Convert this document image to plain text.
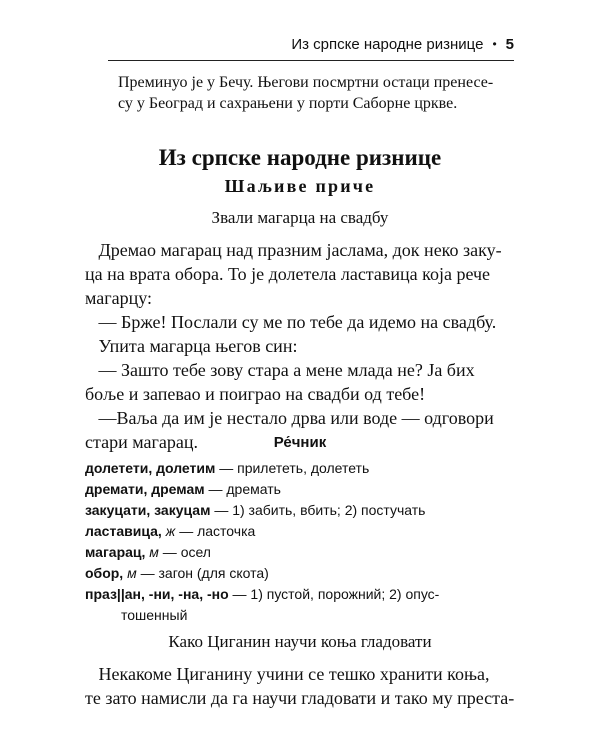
Из српске народне ризнице • 5
Преминуо је у Бечу. Његови посмртни остаци пренесе-
су у Београд и сахрањени у порти Саборне цркве.
Из српске народне ризнице
Шаљиве приче
Звали магарца на свадбу
Дремао магарац над празним јаслама, док неко заку-
ца на врата обора. То је долетела ластавица која рече
магарцу:
— Брже! Послали су ме по тебе да идемо на свадбу.
Упита магарца његов син:
— Зашто тебе зову стара а мене млада не? Ја бих
боље и запевао и поиграо на свадби од тебе!
—Ваља да им је нестало дрва или воде — одговори
стари магарац.	Ре́чник
долетети, долетим — прилететь, долететь
дремати, дремам — дремать
закуцати, закуцам — 1) забить, вбить; 2) постучать
ластавица, ж — ласточка
магарац, м — осел
обор, м — загон (для скота)
праз||ан, -ни, -на, -но — 1) пустой, порожний; 2) опус-
тошенный
Како Циганин научи коња гладовати
Некакоме Циганину учини се тешко хранити коња,
те зато намисли да га научи гладовати и тако му преста-
